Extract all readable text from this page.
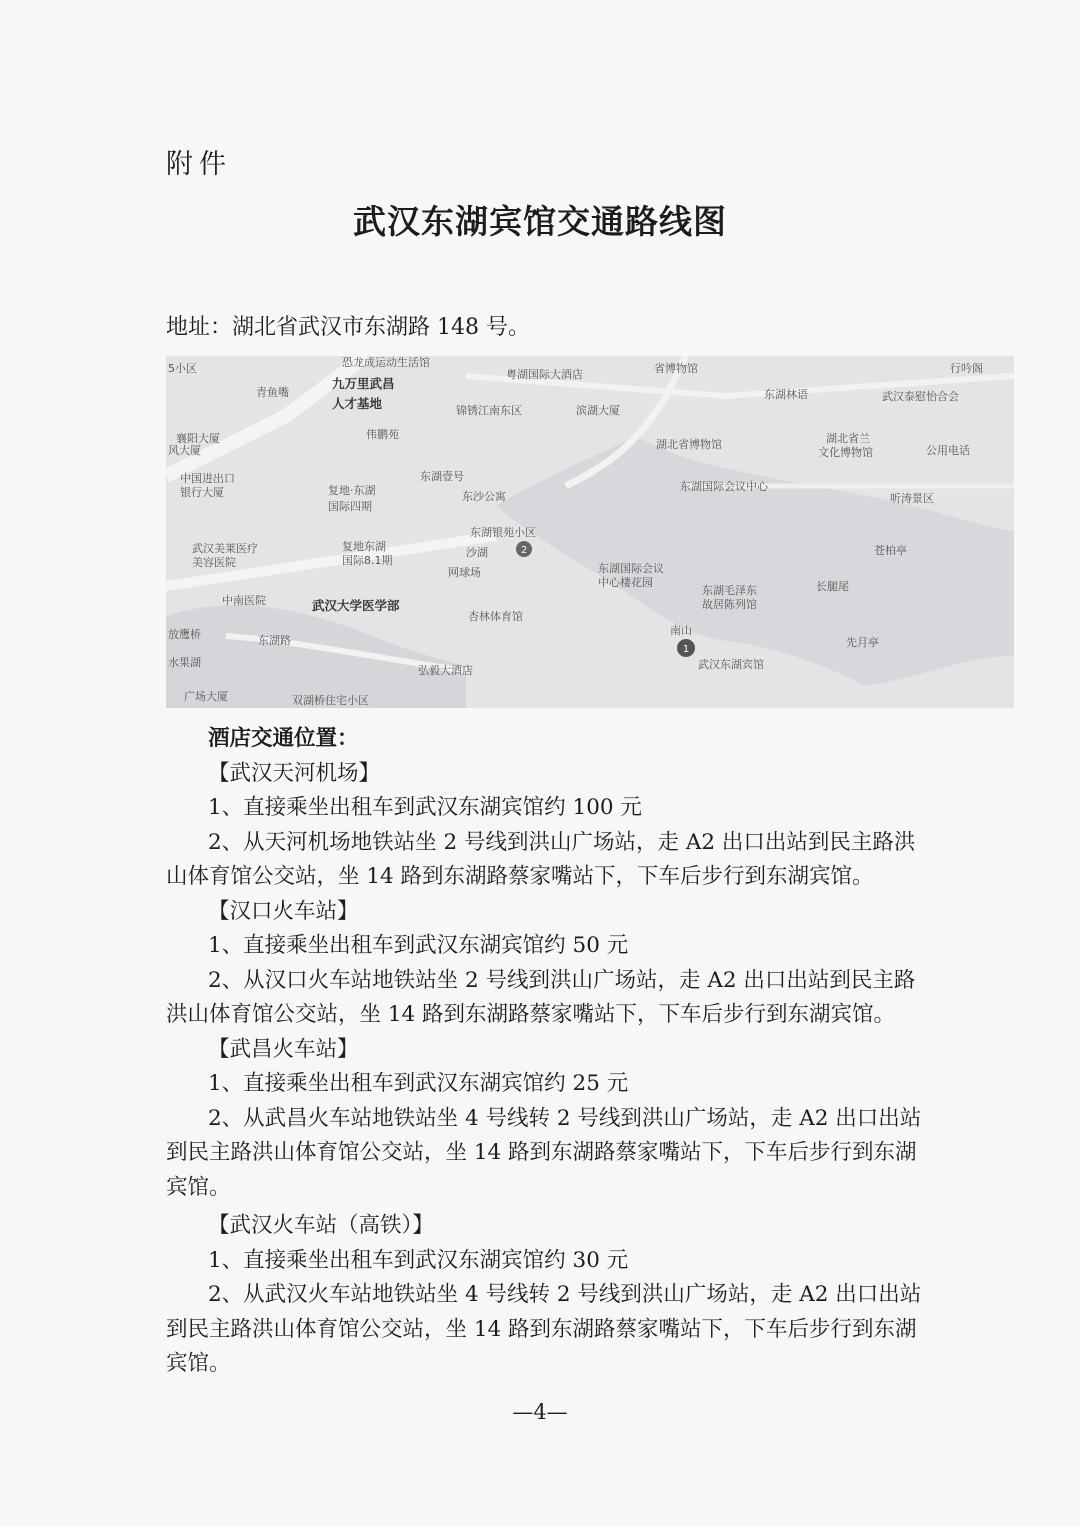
附件
武汉东湖宾馆交通路线图
地址：湖北省武汉市东湖路 148 号。
2
1
5小区	恐龙成运动生活馆
粤湖国际大酒店	省博物馆	行吟阁
青鱼嘴
九万里武昌
人才基地
东湖林语	武汉泰慰怡合会
襄阳大厦
锦锈江南东区	滨湖大厦
伟鹏苑
湖北省博物馆	湖北省兰
文化博物馆	公用电话
风大厦
东湖壹号
中国进出口
银行大厦	复地·东湖
国际四期
东沙公寓
东湖国际会议中心
听涛景区
东湖银苑小区
武汉美莱医疗
美容医院
复地东湖
国际8.1期
苍柏亭
网球场	东湖国际会议
中心楼花园
东湖毛泽东
故居陈列馆
长腿尾
中南医院	武汉大学医学部
杏林体育馆
南山
先月亭
放鹰桥	东湖路
水果湖
弘毅大酒店	武汉东湖宾馆
广场大厦	双湖桥住宅小区
沙湖

酒店交通位置：

【武汉天河机场】

1、直接乘坐出租车到武汉东湖宾馆约 100 元

2、从天河机场地铁站坐 2 号线到洪山广场站，走 A2 出口出站到民主路洪山体育馆公交站，坐 14 路到东湖路蔡家嘴站下，下车后步行到东湖宾馆。

【汉口火车站】

1、直接乘坐出租车到武汉东湖宾馆约 50 元

2、从汉口火车站地铁站坐 2 号线到洪山广场站，走 A2 出口出站到民主路洪山体育馆公交站，坐 14 路到东湖路蔡家嘴站下，下车后步行到东湖宾馆。

【武昌火车站】

1、直接乘坐出租车到武汉东湖宾馆约 25 元

2、从武昌火车站地铁站坐 4 号线转 2 号线到洪山广场站，走 A2 出口出站到民主路洪山体育馆公交站，坐 14 路到东湖路蔡家嘴站下，下车后步行到东湖宾馆。

【武汉火车站（高铁）】

1、直接乘坐出租车到武汉东湖宾馆约 30 元

2、从武汉火车站地铁站坐 4 号线转 2 号线到洪山广场站，走 A2 出口出站到民主路洪山体育馆公交站，坐 14 路到东湖路蔡家嘴站下，下车后步行到东湖宾馆。

—4—
